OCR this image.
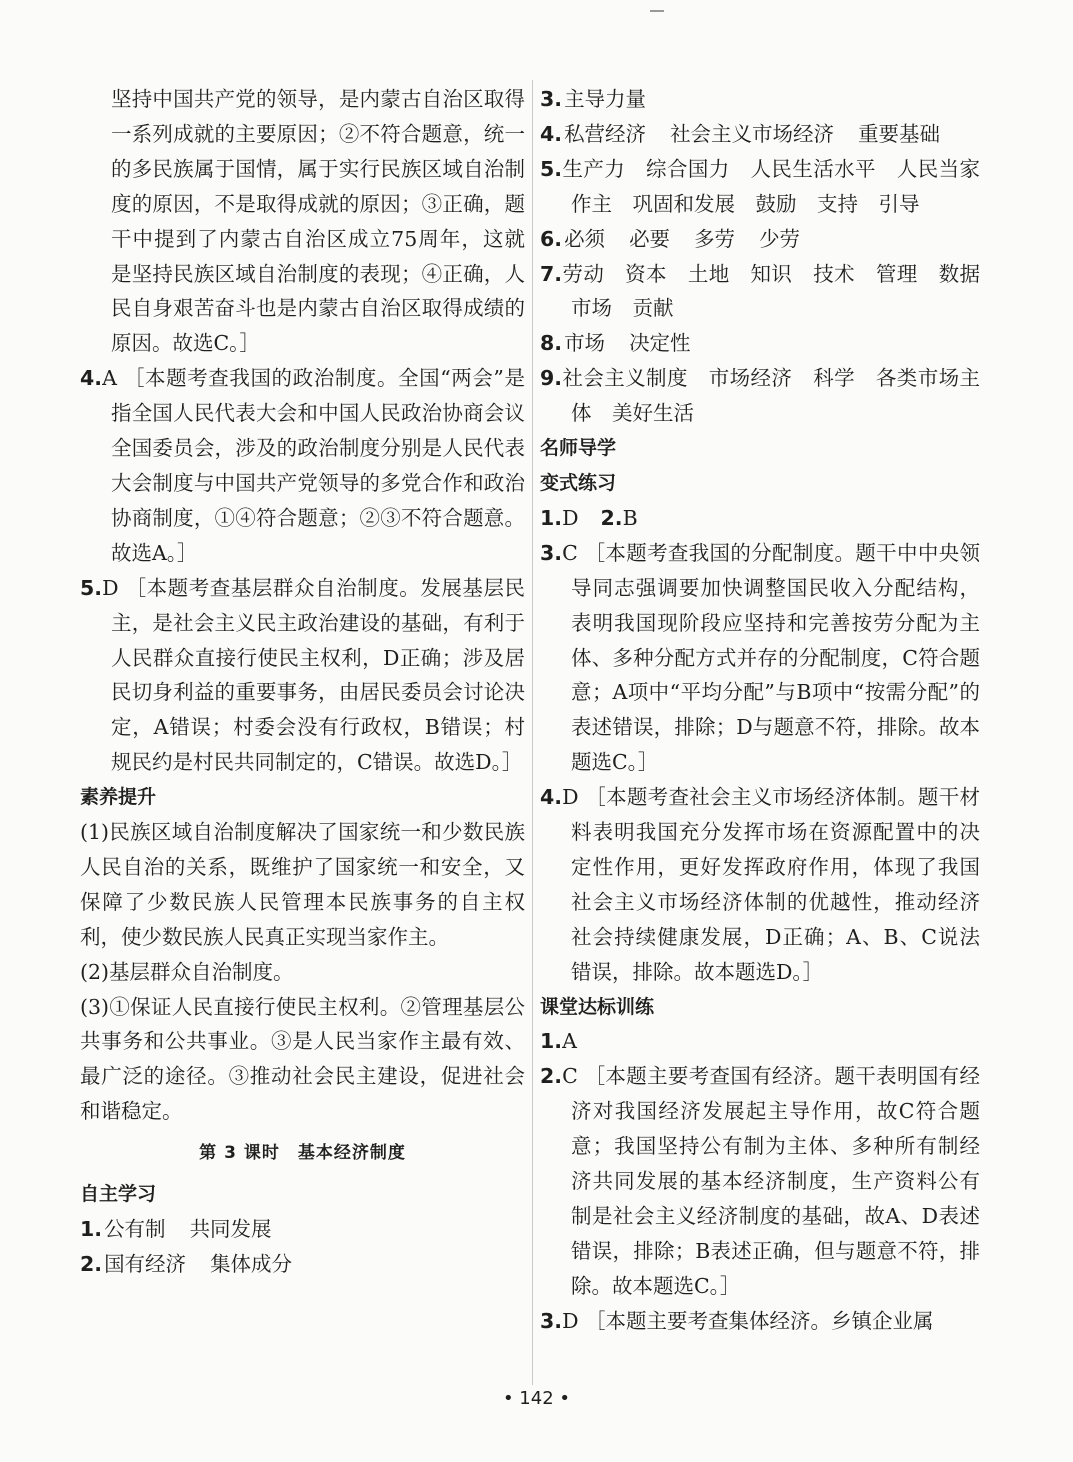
坚持中国共产党的领导，是内蒙古自治区取得一系列成就的主要原因；②不符合题意，统一的多民族属于国情，属于实行民族区域自治制度的原因，不是取得成就的原因；③正确，题干中提到了内蒙古自治区成立75周年，这就是坚持民族区域自治制度的表现；④正确，人民自身艰苦奋斗也是内蒙古自治区取得成绩的原因。故选C。］

4.A ［本题考查我国的政治制度。全国“两会”是指全国人民代表大会和中国人民政治协商会议全国委员会，涉及的政治制度分别是人民代表大会制度与中国共产党领导的多党合作和政治协商制度，①④符合题意；②③不符合题意。故选A。］

5.D ［本题考查基层群众自治制度。发展基层民主，是社会主义民主政治建设的基础，有利于人民群众直接行使民主权利，D正确；涉及居民切身利益的重要事务，由居民委员会讨论决定，A错误；村委会没有行政权，B错误；村规民约是村民共同制定的，C错误。故选D。］

素养提升

(1)民族区域自治制度解决了国家统一和少数民族人民自治的关系，既维护了国家统一和安全，又保障了少数民族人民管理本民族事务的自主权利，使少数民族人民真正实现当家作主。

(2)基层群众自治制度。

(3)①保证人民直接行使民主权利。②管理基层公共事务和公共事业。③是人民当家作主最有效、最广泛的途径。③推动社会民主建设，促进社会和谐稳定。

第 3 课时　基本经济制度

自主学习

1.公有制 共同发展

2.国有经济 集体成分

3.主导力量

4.私营经济 社会主义市场经济 重要基础

5.生产力　综合国力　人民生活水平　人民当家作主　巩固和发展　鼓励　支持　引导

6.必须 必要 多劳 少劳

7.劳动　资本　土地　知识　技术　管理　数据　市场　贡献

8.市场 决定性

9.社会主义制度　市场经济　科学　各类市场主体　美好生活

名师导学

变式练习

1.D 2.B

3.C ［本题考查我国的分配制度。题干中中央领导同志强调要加快调整国民收入分配结构，表明我国现阶段应坚持和完善按劳分配为主体、多种分配方式并存的分配制度，C符合题意；A项中“平均分配”与B项中“按需分配”的表述错误，排除；D与题意不符，排除。故本题选C。］

4.D ［本题考查社会主义市场经济体制。题干材料表明我国充分发挥市场在资源配置中的决定性作用，更好发挥政府作用，体现了我国社会主义市场经济体制的优越性，推动经济社会持续健康发展，D正确；A、B、C说法错误，排除。故本题选D。］

课堂达标训练

1.A

2.C ［本题主要考查国有经济。题干表明国有经济对我国经济发展起主导作用，故C符合题意；我国坚持公有制为主体、多种所有制经济共同发展的基本经济制度，生产资料公有制是社会主义经济制度的基础，故A、D表述错误，排除；B表述正确，但与题意不符，排除。故本题选C。］

3.D ［本题主要考查集体经济。乡镇企业属

• 142 •
